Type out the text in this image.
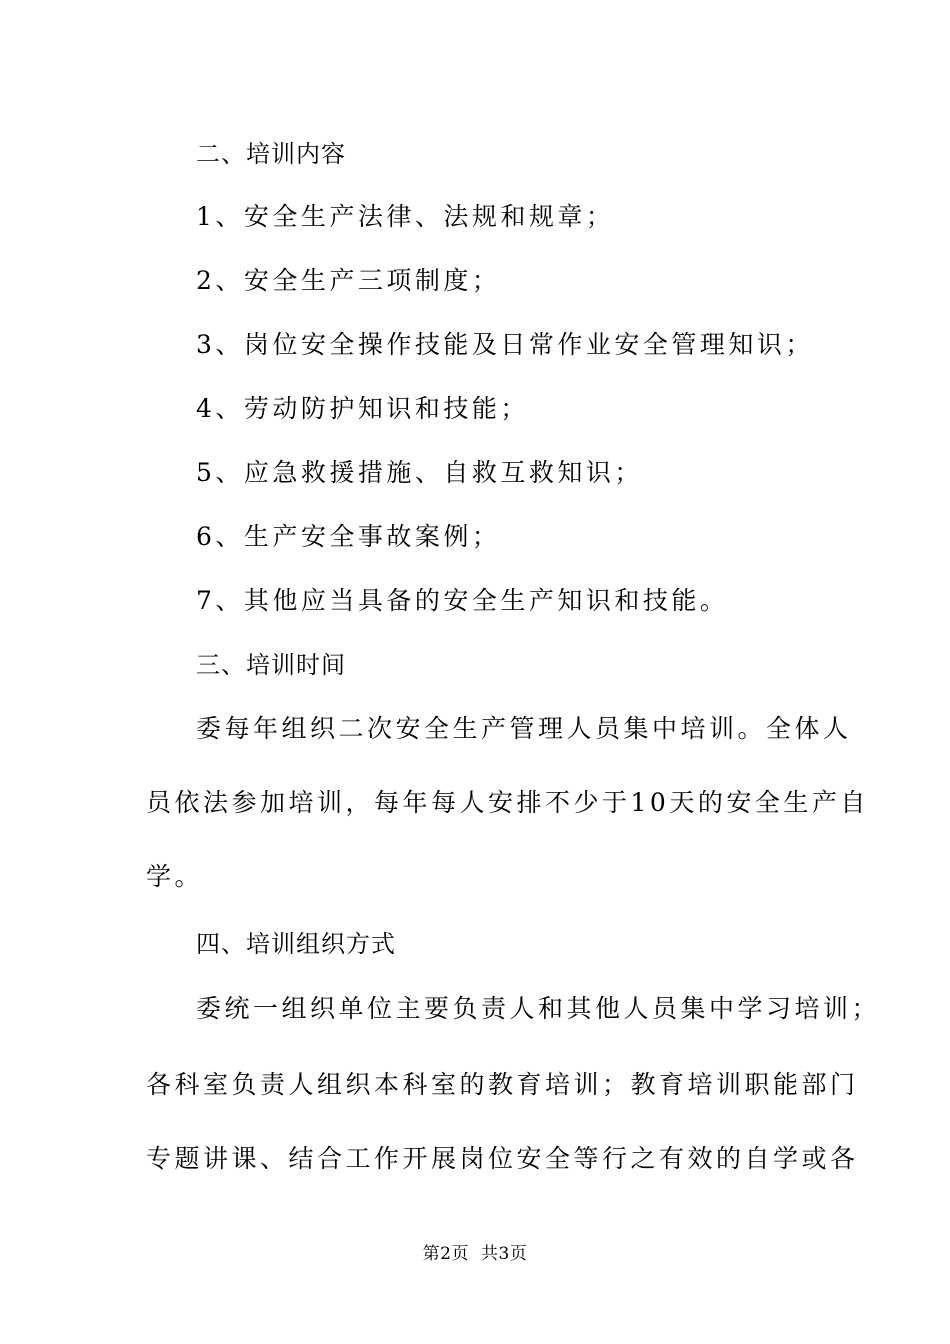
二、培训内容
1、安全生产法律、法规和规章；
2、安全生产三项制度；
3、岗位安全操作技能及日常作业安全管理知识；
4、劳动防护知识和技能；
5、应急救援措施、自救互救知识；
6、生产安全事故案例；
7、其他应当具备的安全生产知识和技能。
三、培训时间
委每年组织二次安全生产管理人员集中培训。全体人
员依法参加培训，每年每人安排不少于10天的安全生产自
学。
四、培训组织方式
委统一组织单位主要负责人和其他人员集中学习培训；
各科室负责人组织本科室的教育培训；教育培训职能部门
专题讲课、结合工作开展岗位安全等行之有效的自学或各
第2页 共3页
